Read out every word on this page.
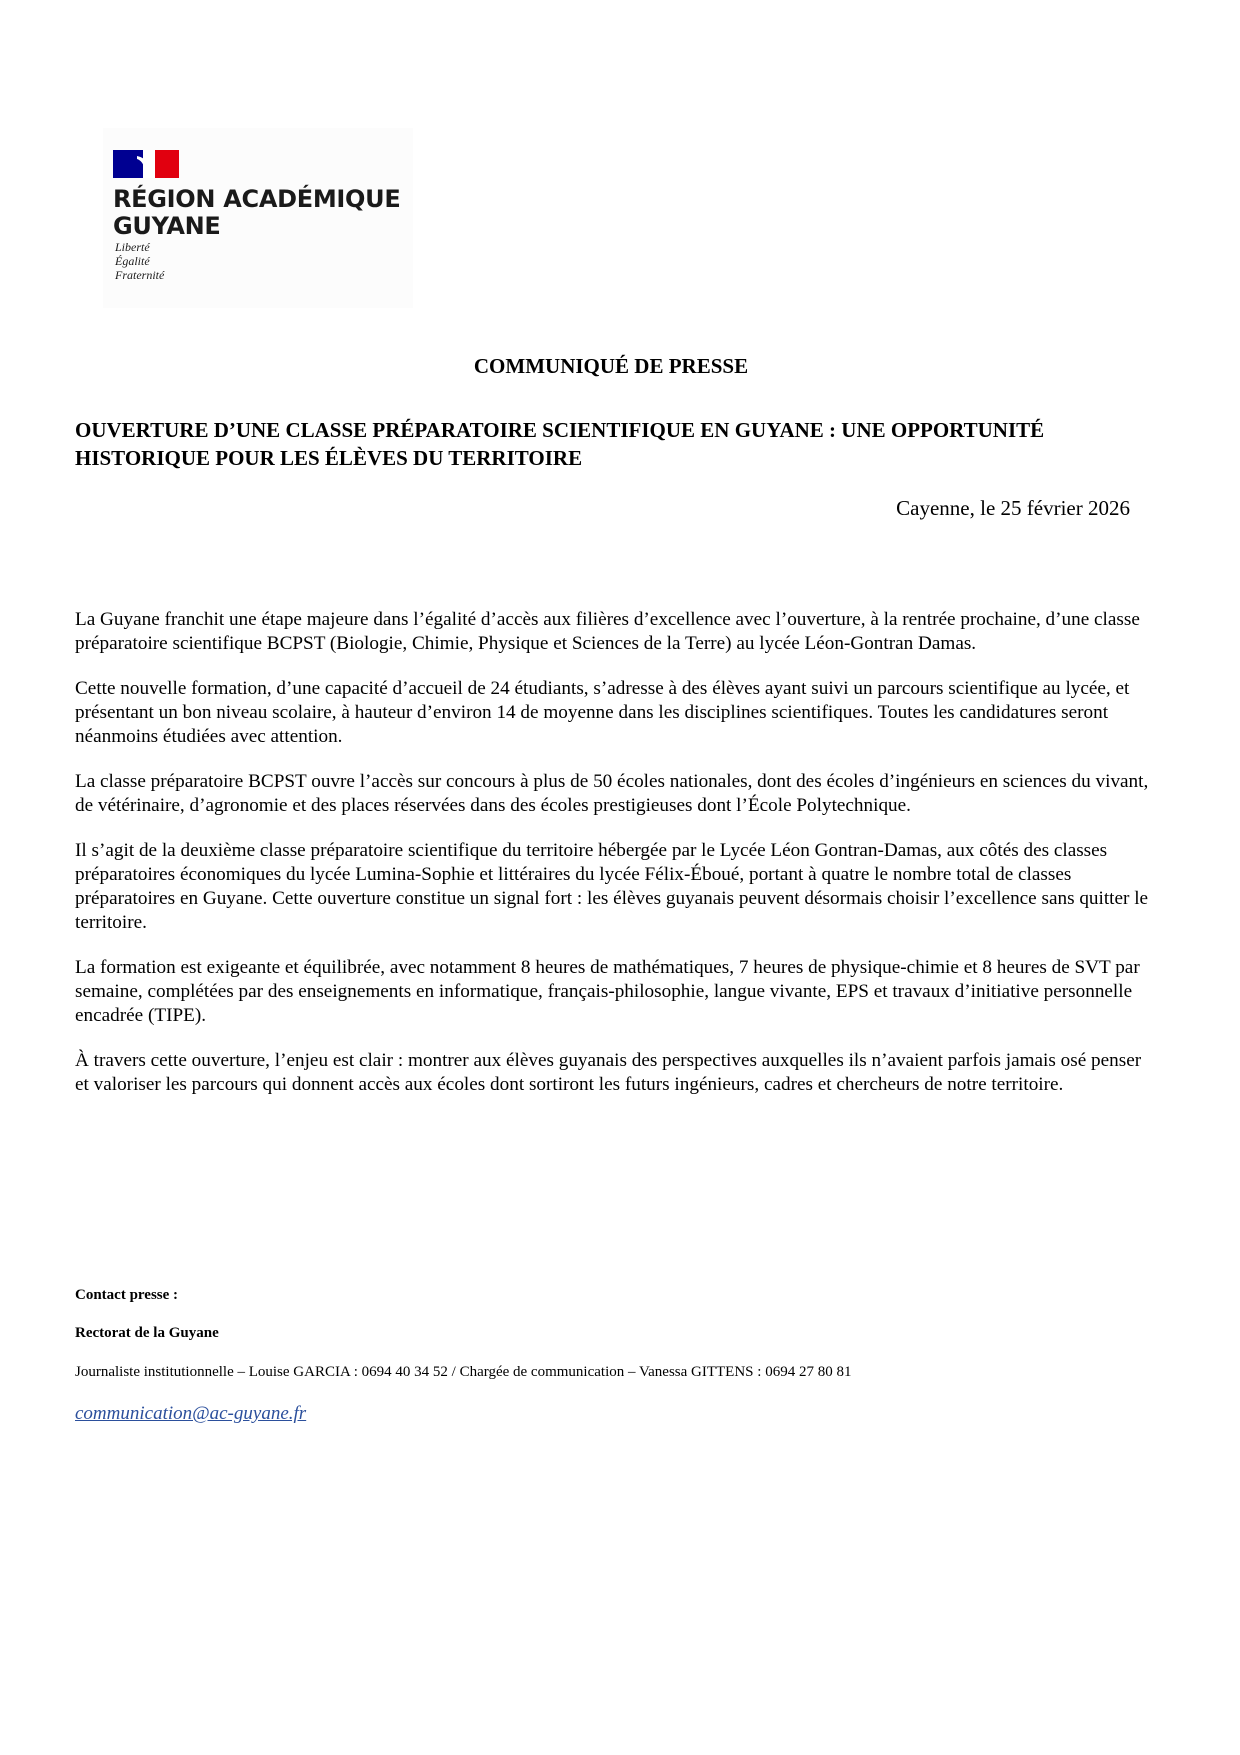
RÉGION ACADÉMIQUE
GUYANE
Liberté
Égalité
Fraternité
COMMUNIQUÉ DE PRESSE
OUVERTURE D’UNE CLASSE PRÉPARATOIRE SCIENTIFIQUE EN GUYANE : UNE OPPORTUNITÉ HISTORIQUE POUR LES ÉLÈVES DU TERRITOIRE
Cayenne, le 25 février 2026

La Guyane franchit une étape majeure dans l’égalité d’accès aux filières d’excellence avec l’ouverture, à la rentrée prochaine, d’une classe préparatoire scientifique BCPST (Biologie, Chimie, Physique et Sciences de la Terre) au lycée Léon-Gontran Damas.

Cette nouvelle formation, d’une capacité d’accueil de 24 étudiants, s’adresse à des élèves ayant suivi un parcours scientifique au lycée, et présentant un bon niveau scolaire, à hauteur d’environ 14 de moyenne dans les disciplines scientifiques. Toutes les candidatures seront néanmoins étudiées avec attention.

La classe préparatoire BCPST ouvre l’accès sur concours à plus de 50 écoles nationales, dont des écoles d’ingénieurs en sciences du vivant, de vétérinaire, d’agronomie et des places réservées dans des écoles prestigieuses dont l’École Polytechnique.

Il s’agit de la deuxième classe préparatoire scientifique du territoire hébergée par le Lycée Léon Gontran-Damas, aux côtés des classes préparatoires économiques du lycée Lumina-Sophie et littéraires du lycée Félix-Éboué, portant à quatre le nombre total de classes préparatoires en Guyane. Cette ouverture constitue un signal fort : les élèves guyanais peuvent désormais choisir l’excellence sans quitter le territoire.

La formation est exigeante et équilibrée, avec notamment 8 heures de mathématiques, 7 heures de physique-chimie et 8 heures de SVT par semaine, complétées par des enseignements en informatique, français-philosophie, langue vivante, EPS et travaux d’initiative personnelle encadrée (TIPE).

À travers cette ouverture, l’enjeu est clair : montrer aux élèves guyanais des perspectives auxquelles ils n’avaient parfois jamais osé penser et valoriser les parcours qui donnent accès aux écoles dont sortiront les futurs ingénieurs, cadres et chercheurs de notre territoire.

Contact presse :
Rectorat de la Guyane
Journaliste institutionnelle – Louise GARCIA : 0694 40 34 52 / Chargée de communication – Vanessa GITTENS : 0694 27 80 81
communication@ac-guyane.fr
